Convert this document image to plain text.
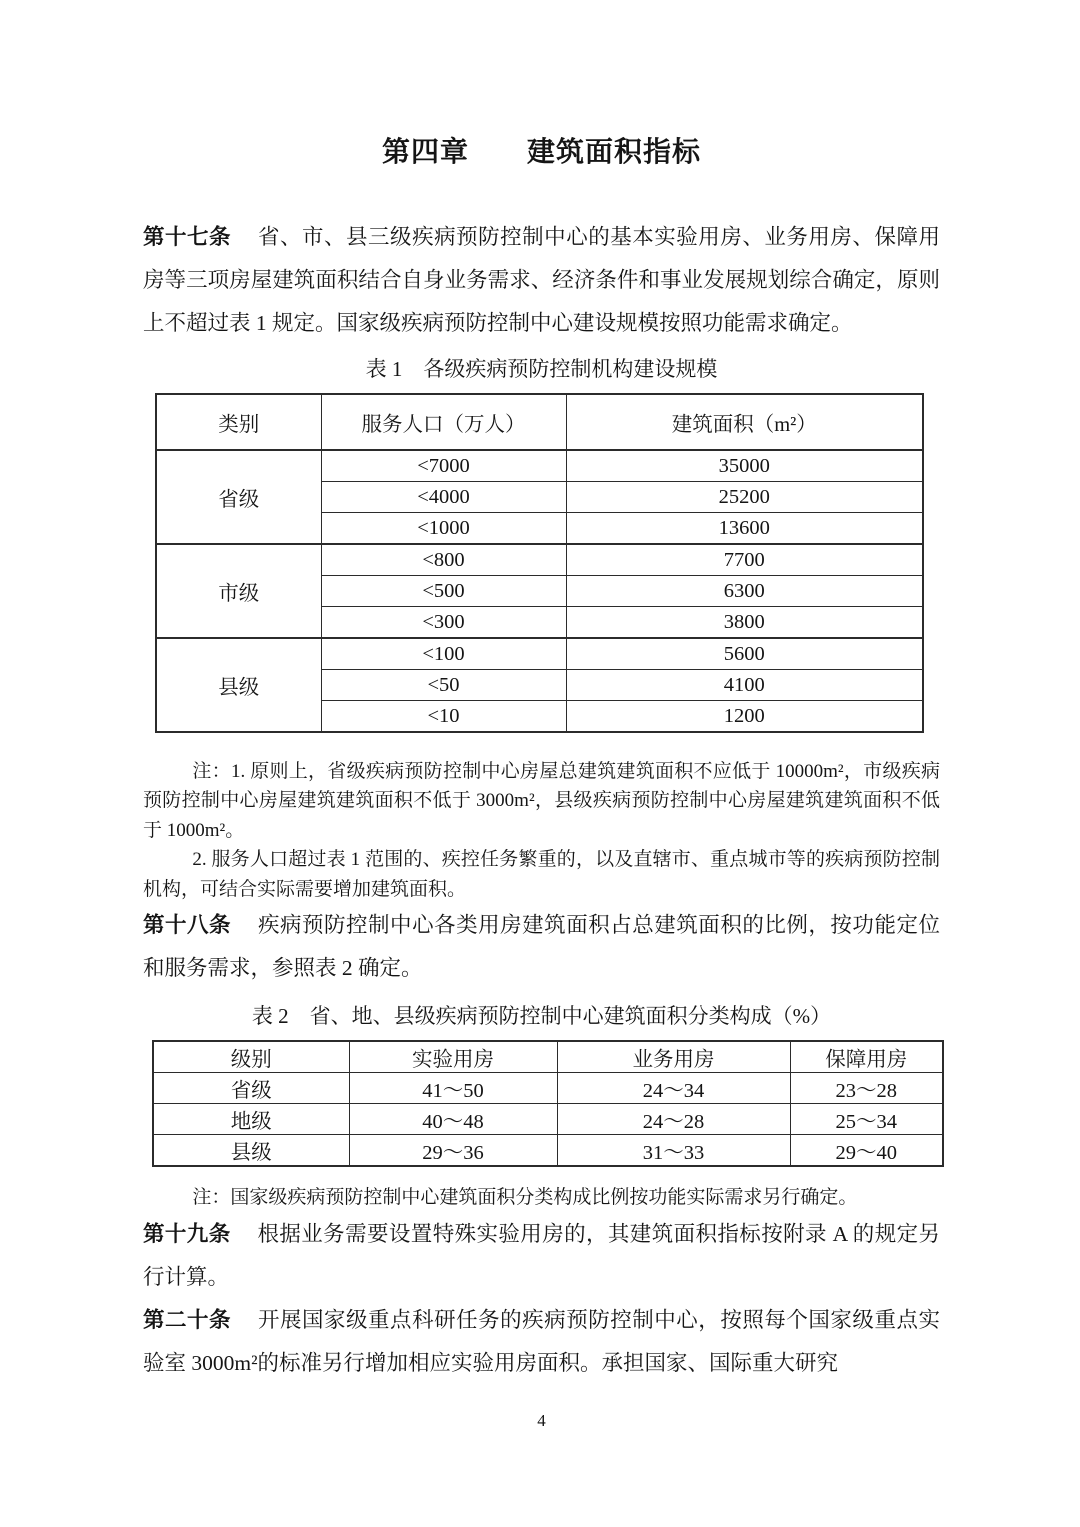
第四章　　建筑面积指标

第十七条 省、市、县三级疾病预防控制中心的基本实验用房、业务用房、保障用房等三项房屋建筑面积结合自身业务需求、经济条件和事业发展规划综合确定，原则上不超过表 1 规定。国家级疾病预防控制中心建设规模按照功能需求确定。

表 1　各级疾病预防控制机构建设规模
类别	服务人口（万人）	建筑面积（m²）
省级	<7000	35000
	<4000	25200
	<1000	13600
市级	<800	7700
	<500	6300
	<300	3800
县级	<100	5600
	<50	4100
	<10	1200

注：1. 原则上，省级疾病预防控制中心房屋总建筑建筑面积不应低于 10000m²，市级疾病预防控制中心房屋建筑建筑面积不低于 3000m²，县级疾病预防控制中心房屋建筑建筑面积不低于 1000m²。

2. 服务人口超过表 1 范围的、疾控任务繁重的，以及直辖市、重点城市等的疾病预防控制机构，可结合实际需要增加建筑面积。

第十八条 疾病预防控制中心各类用房建筑面积占总建筑面积的比例，按功能定位和服务需求，参照表 2 确定。

表 2　省、地、县级疾病预防控制中心建筑面积分类构成（%）
级别	实验用房	业务用房	保障用房
省级	41～50	24～34	23～28
地级	40～48	24～28	25～34
县级	29～36	31～33	29～40

注：国家级疾病预防控制中心建筑面积分类构成比例按功能实际需求另行确定。

第十九条 根据业务需要设置特殊实验用房的，其建筑面积指标按附录 A 的规定另行计算。

第二十条 开展国家级重点科研任务的疾病预防控制中心，按照每个国家级重点实验室 3000m²的标准另行增加相应实验用房面积。承担国家、国际重大研究

4
